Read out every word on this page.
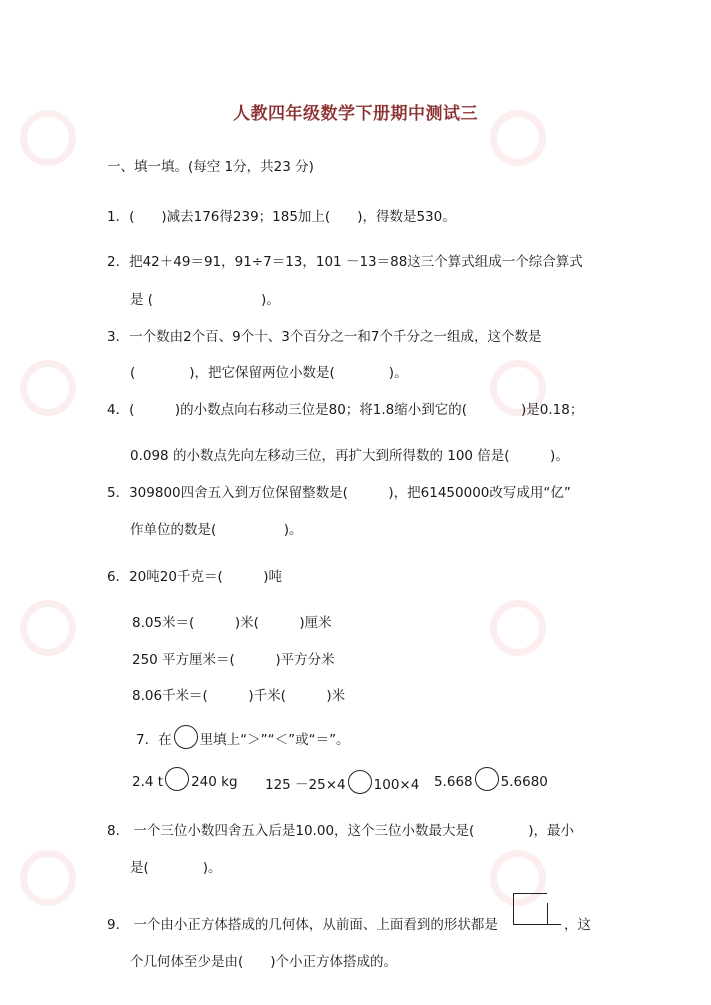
人教四年级数学下册期中测试三
一、填一填。(每空 1分，共23 分)
1．(　　)减去176得239；185加上(　　)，得数是530。
2．把42＋49＝91，91÷7＝13，101 －13＝88这三个算式组成一个综合算式
是 (　　　　　　　　)。
3．一个数由2个百、9个十、3个百分之一和7个千分之一组成，这个数是
(　　　　)，把它保留两位小数是(　　　　)。
4．(　　　)的小数点向右移动三位是80；将1.8缩小到它的(　　　　)是0.18；
0.098 的小数点先向左移动三位，再扩大到所得数的 100 倍是(　　　)。
5．309800四舍五入到万位保留整数是(　　　)，把61450000改写成用“亿”
作单位的数是(　　　　　)。
6．20吨20千克＝(　　　)吨
8.05米＝(　　　)米(　　　)厘米
250 平方厘米＝(　　　)平方分米
8.06千米＝(　　　)千米(　　　)米
7．在 里填上“＞”“＜”或“＝”。
2.4 t 240 kg 125 －25×4 100×4 5.668 5.6680
8.　一个三位小数四舍五入后是10.00，这个三位小数最大是(　　　　)，最小
是(　　　　)。
9.　一个由小正方体搭成的几何体，从前面、上面看到的形状都是	，这
个几何体至少是由(　　)个小正方体搭成的。
